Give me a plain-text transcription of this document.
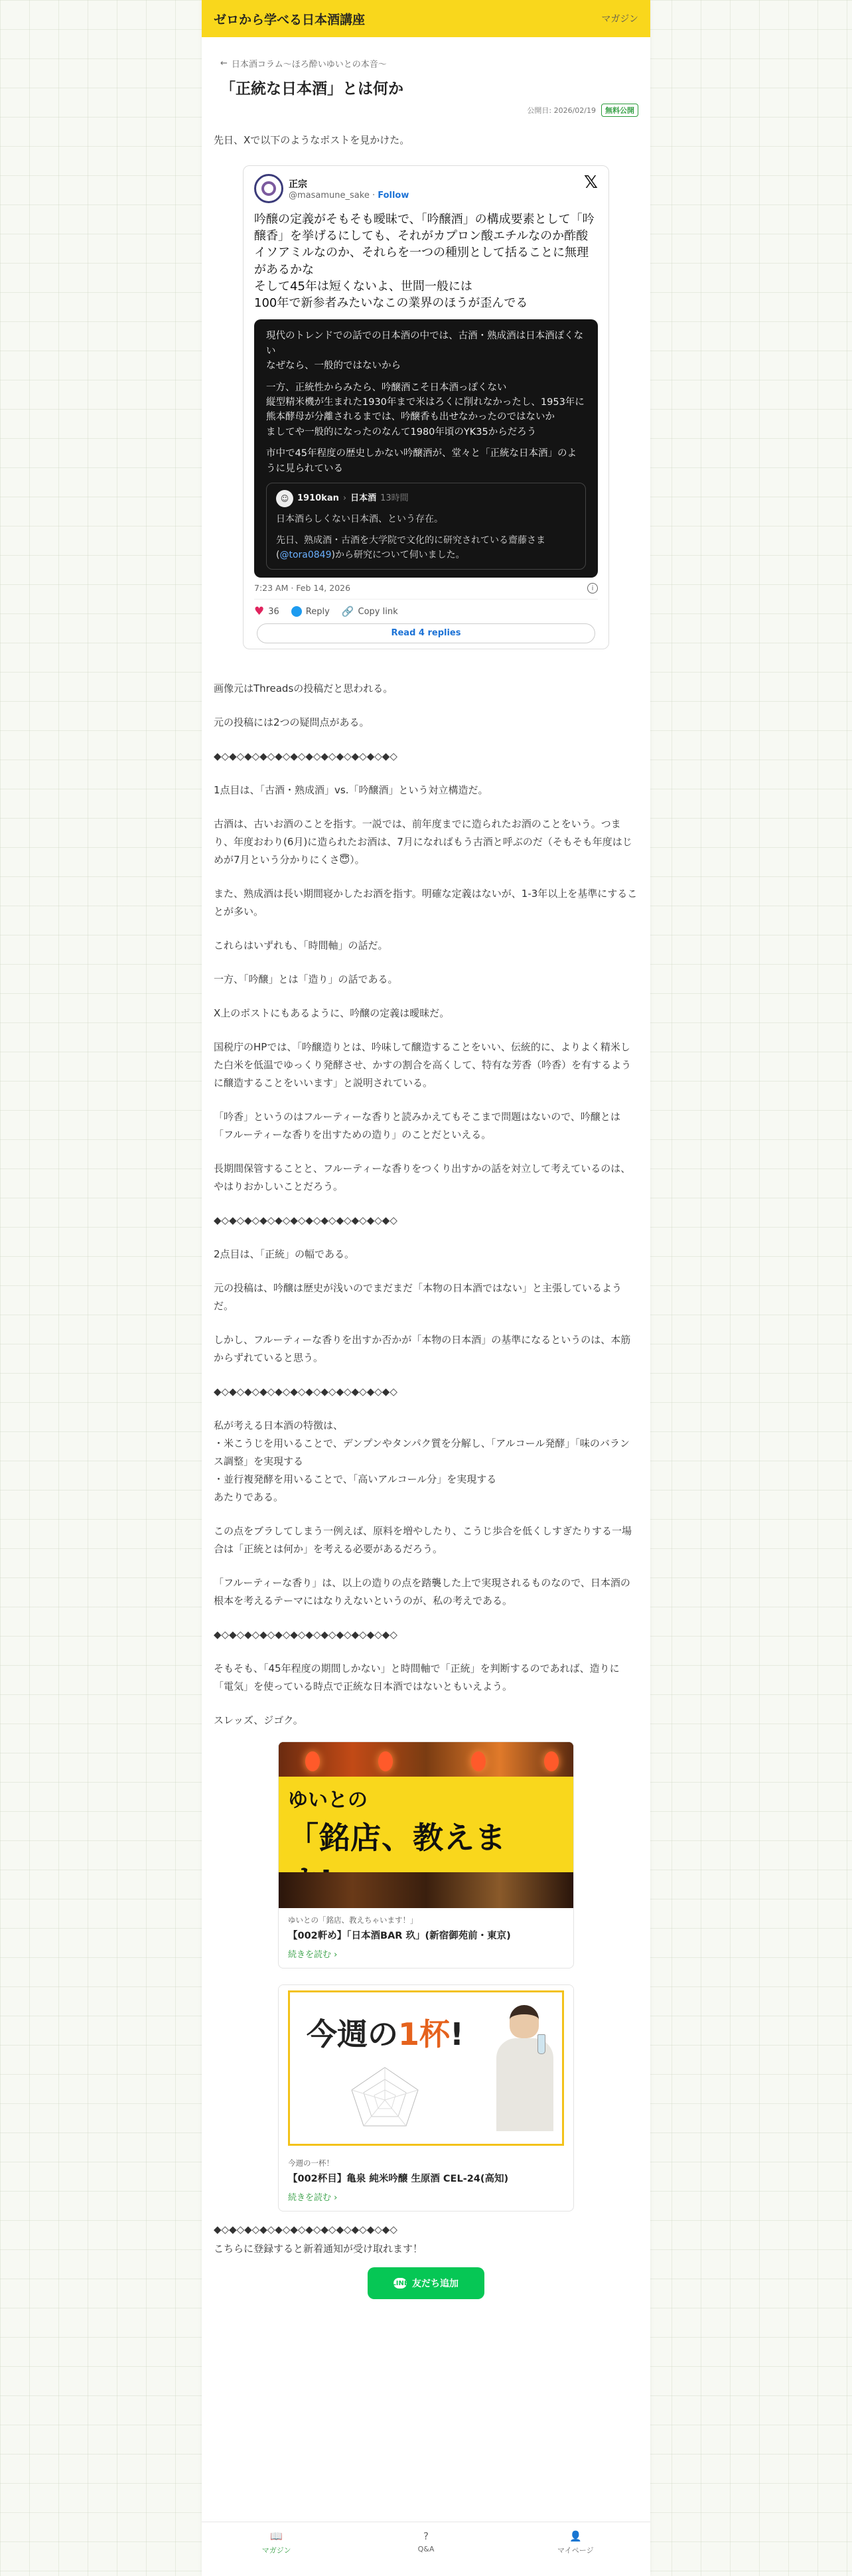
ゼロから学べる日本酒講座	マガジン
← 日本酒コラム〜ほろ酔いゆいとの本音〜
「正統な日本酒」とは何か
公開日: 2026/02/19	無料公開

先日、Xで以下のようなポストを見かけた。

正宗
@masamune_sake · Follow
𝕏
吟醸の定義がそもそも曖昧で、「吟醸酒」の構成要素として「吟醸香」を挙げるにしても、それがカプロン酸エチルなのか酢酸イソアミルなのか、それらを一つの種別として括ることに無理があるかな
そして45年は短くないよ、世間一般には
100年で新参者みたいなこの業界のほうが歪んでる

現代のトレンドでの話での日本酒の中では、古酒・熟成酒は日本酒ぽくない
なぜなら、一般的ではないから

一方、正統性からみたら、吟醸酒こそ日本酒っぽくない
縦型精米機が生まれた1930年まで米はろくに削れなかったし、1953年に熊本酵母が分離されるまでは、吟醸香も出せなかったのではないか
ましてや一般的になったのなんて1980年頃のYK35からだろう

市中で45年程度の歴史しかない吟醸酒が、堂々と「正統な日本酒」のように見られている

☺ 1910kan › 日本酒 13時間

日本酒らしくない日本酒、という存在。

先日、熟成酒・古酒を大学院で文化的に研究されている齋藤さま(@tora0849)から研究について伺いました。

7:23 AM · Feb 14, 2026	i
♥ 36	Reply 🔗 Copy link
Read 4 replies

画像元はThreadsの投稿だと思われる。

元の投稿には2つの疑問点がある。

◆◇◆◇◆◇◆◇◆◇◆◇◆◇◆◇◆◇◆◇◆◇◆◇

1点目は、「古酒・熟成酒」vs.「吟醸酒」という対立構造だ。

古酒は、古いお酒のことを指す。一説では、前年度までに造られたお酒のことをいう。つまり、年度おわり(6月)に造られたお酒は、7月になればもう古酒と呼ぶのだ（そもそも年度はじめが7月という分かりにくさ😇）。

また、熟成酒は長い期間寝かしたお酒を指す。明確な定義はないが、1-3年以上を基準にすることが多い。

これらはいずれも、「時間軸」の話だ。

一方、「吟醸」とは「造り」の話である。

X上のポストにもあるように、吟醸の定義は曖昧だ。

国税庁のHPでは、「吟醸造りとは、吟味して醸造することをいい、伝統的に、よりよく精米した白米を低温でゆっくり発酵させ、かすの割合を高くして、特有な芳香（吟香）を有するように醸造することをいいます」と説明されている。

「吟香」というのはフルーティーな香りと読みかえてもそこまで問題はないので、吟醸とは「フルーティーな香りを出すための造り」のことだといえる。

長期間保管することと、フルーティーな香りをつくり出すかの話を対立して考えているのは、やはりおかしいことだろう。

◆◇◆◇◆◇◆◇◆◇◆◇◆◇◆◇◆◇◆◇◆◇◆◇

2点目は、「正統」の幅である。

元の投稿は、吟醸は歴史が浅いのでまだまだ「本物の日本酒ではない」と主張しているようだ。

しかし、フルーティーな香りを出すか否かが「本物の日本酒」の基準になるというのは、本筋からずれていると思う。

◆◇◆◇◆◇◆◇◆◇◆◇◆◇◆◇◆◇◆◇◆◇◆◇

私が考える日本酒の特徴は、
・米こうじを用いることで、デンプンやタンパク質を分解し、「アルコール発酵」「味のバランス調整」を実現する
・並行複発酵を用いることで、「高いアルコール分」を実現する
あたりである。

この点をブラしてしまう一例えば、原料を増やしたり、こうじ歩合を低くしすぎたりする一場合は「正統とは何か」を考える必要があるだろう。

「フルーティーな香り」は、以上の造りの点を踏襲した上で実現されるものなので、日本酒の根本を考えるテーマにはなりえないというのが、私の考えである。

◆◇◆◇◆◇◆◇◆◇◆◇◆◇◆◇◆◇◆◇◆◇◆◇

そもそも、「45年程度の期間しかない」と時間軸で「正統」を判断するのであれば、造りに「電気」を使っている時点で正統な日本酒ではないともいえよう。

スレッズ、ジゴク。

ゆいとの
「銘店、教えま
ゆいとの「銘店、教えちゃいます！」
【002軒め】「日本酒BAR 玖」(新宿御苑前・東京)
続きを読む ›
今週の1杯!
今週の一杯！
【002杯目】亀泉 純米吟醸 生原酒 CEL-24(高知)
続きを読む ›

◆◇◆◇◆◇◆◇◆◇◆◇◆◇◆◇◆◇◆◇◆◇◆◇

こちらに登録すると新着通知が受け取れます！

LINE 友だち追加
📖
マガジン
?
Q&A
👤
マイページ
